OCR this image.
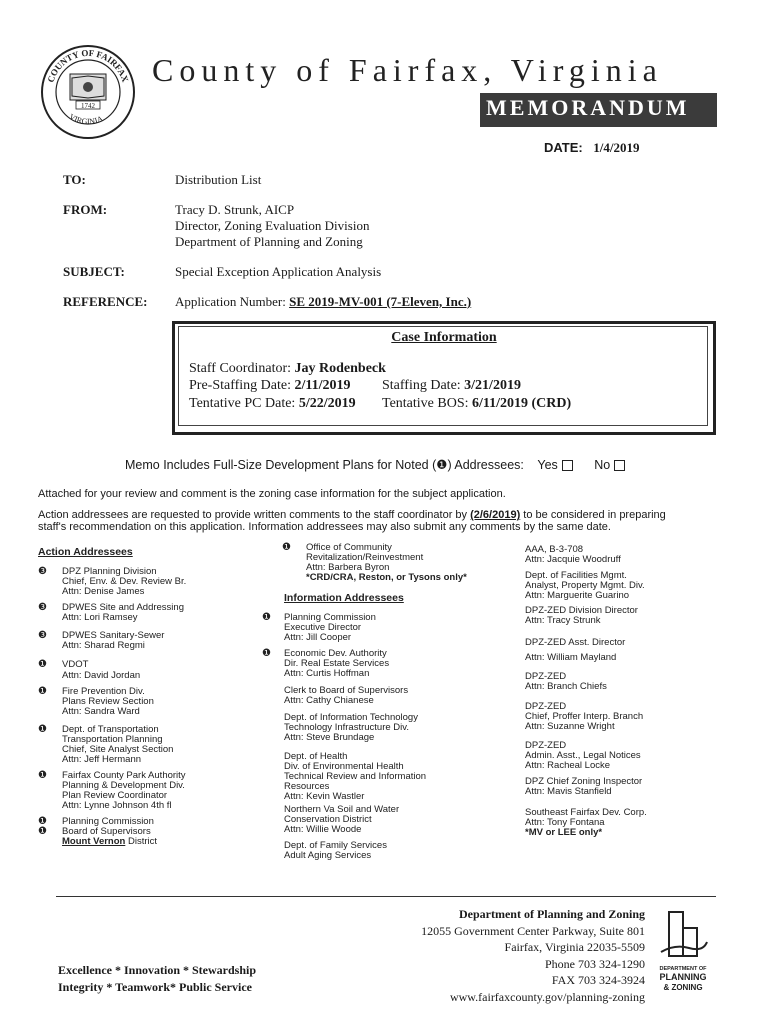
COUNTY OF FAIRFAX
VIRGINIA
1742
County of Fairfax, Virginia
MEMORANDUM
DATE: 1/4/2019
TO:	Distribution List
FROM:	Tracy D. Strunk, AICP
Director, Zoning Evaluation Division
Department of Planning and Zoning
SUBJECT:	Special Exception Application Analysis
REFERENCE: Application Number: SE 2019-MV-001 (7-Eleven, Inc.)
Case Information
Staff Coordinator: Jay Rodenbeck
Pre-Staffing Date: 2/11/2019 Staffing Date: 3/21/2019
Tentative PC Date: 5/22/2019 Tentative BOS: 6/11/2019 (CRD)
Memo Includes Full-Size Development Plans for Noted (❶) Addressees: Yes	No
Attached for your review and comment is the zoning case information for the subject application.
Action addressees are requested to provide written comments to the staff coordinator by (2/6/2019) to be considered in preparing
staff's recommendation on this application. Information addressees may also submit any comments by the same date.
Action Addressees
❸ DPZ Planning Division
Chief, Env. & Dev. Review Br.
Attn: Denise James
❸ DPWES Site and Addressing
Attn: Lori Ramsey
❸ DPWES Sanitary-Sewer
Attn: Sharad Regmi
❶ VDOT
Attn: David Jordan
❶ Fire Prevention Div.
Plans Review Section
Attn: Sandra Ward
❶ Dept. of Transportation
Transportation Planning
Chief, Site Analyst Section
Attn: Jeff Hermann
❶ Fairfax County Park Authority
Planning & Development Div.
Plan Review Coordinator
Attn: Lynne Johnson 4th fl
❶
❶
Planning Commission
Board of Supervisors
Mount Vernon District
❶ Office of Community
Revitalization/Reinvestment
Attn: Barbera Byron
*CRD/CRA, Reston, or Tysons only*
Information Addressees
❶ Planning Commission
Executive Director
Attn: Jill Cooper
❶ Economic Dev. Authority
Dir. Real Estate Services
Attn: Curtis Hoffman
Clerk to Board of Supervisors
Attn: Cathy Chianese
Dept. of Information Technology
Technology Infrastructure Div.
Attn: Steve Brundage
Dept. of Health
Div. of Environmental Health
Technical Review and Information
Resources
Attn: Kevin Wastler
Northern Va Soil and Water
Conservation District
Attn: Willie Woode
Dept. of Family Services
Adult Aging Services
AAA, B-3-708
Attn: Jacquie Woodruff
Dept. of Facilities Mgmt.
Analyst, Property Mgmt. Div.
Attn: Marguerite Guarino
DPZ-ZED Division Director
Attn: Tracy Strunk
DPZ-ZED Asst. Director
Attn: William Mayland
DPZ-ZED
Attn: Branch Chiefs
DPZ-ZED
Chief, Proffer Interp. Branch
Attn: Suzanne Wright
DPZ-ZED
Admin. Asst., Legal Notices
Attn: Racheal Locke
DPZ Chief Zoning Inspector
Attn: Mavis Stanfield
Southeast Fairfax Dev. Corp.
Attn: Tony Fontana
*MV or LEE only*
Department of Planning and Zoning
12055 Government Center Parkway, Suite 801
Fairfax, Virginia 22035-5509
Phone 703 324-1290
FAX 703 324-3924
www.fairfaxcounty.gov/planning-zoning
Excellence * Innovation * Stewardship
Integrity * Teamwork* Public Service
DEPARTMENT OF
PLANNING
& ZONING
